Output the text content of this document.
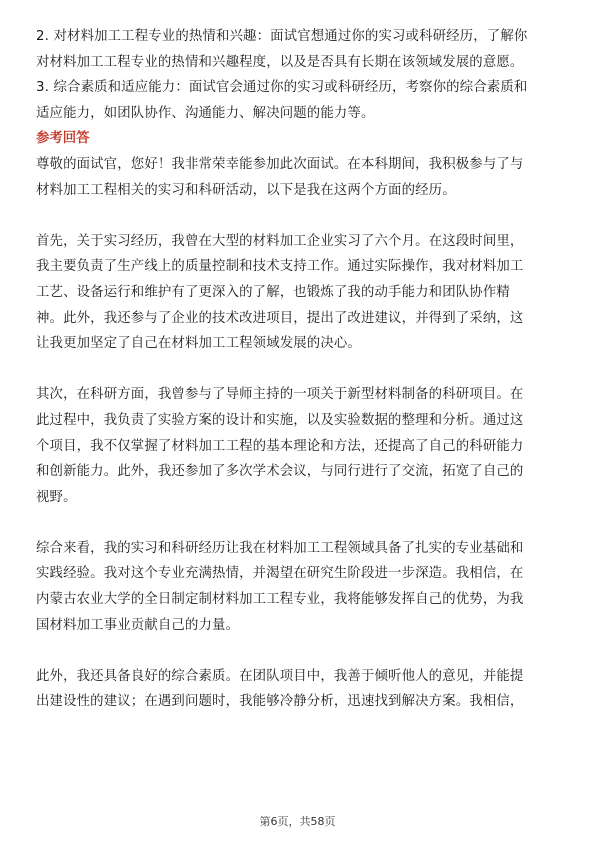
2. 对材料加工工程专业的热情和兴趣：面试官想通过你的实习或科研经历，了解你
对材料加工工程专业的热情和兴趣程度，以及是否具有长期在该领域发展的意愿。
3. 综合素质和适应能力：面试官会通过你的实习或科研经历，考察你的综合素质和
适应能力，如团队协作、沟通能力、解决问题的能力等。
参考回答
尊敬的面试官，您好！我非常荣幸能参加此次面试。在本科期间，我积极参与了与
材料加工工程相关的实习和科研活动，以下是我在这两个方面的经历。
首先，关于实习经历，我曾在大型的材料加工企业实习了六个月。在这段时间里，
我主要负责了生产线上的质量控制和技术支持工作。通过实际操作，我对材料加工
工艺、设备运行和维护有了更深入的了解，也锻炼了我的动手能力和团队协作精
神。此外，我还参与了企业的技术改进项目，提出了改进建议，并得到了采纳，这
让我更加坚定了自己在材料加工工程领域发展的决心。
其次，在科研方面，我曾参与了导师主持的一项关于新型材料制备的科研项目。在
此过程中，我负责了实验方案的设计和实施，以及实验数据的整理和分析。通过这
个项目，我不仅掌握了材料加工工程的基本理论和方法，还提高了自己的科研能力
和创新能力。此外，我还参加了多次学术会议，与同行进行了交流，拓宽了自己的
视野。
综合来看，我的实习和科研经历让我在材料加工工程领域具备了扎实的专业基础和
实践经验。我对这个专业充满热情，并渴望在研究生阶段进一步深造。我相信，在
内蒙古农业大学的全日制定制材料加工工程专业，我将能够发挥自己的优势，为我
国材料加工事业贡献自己的力量。
此外，我还具备良好的综合素质。在团队项目中，我善于倾听他人的意见，并能提
出建设性的建议；在遇到问题时，我能够冷静分析，迅速找到解决方案。我相信，
第6页，共58页
